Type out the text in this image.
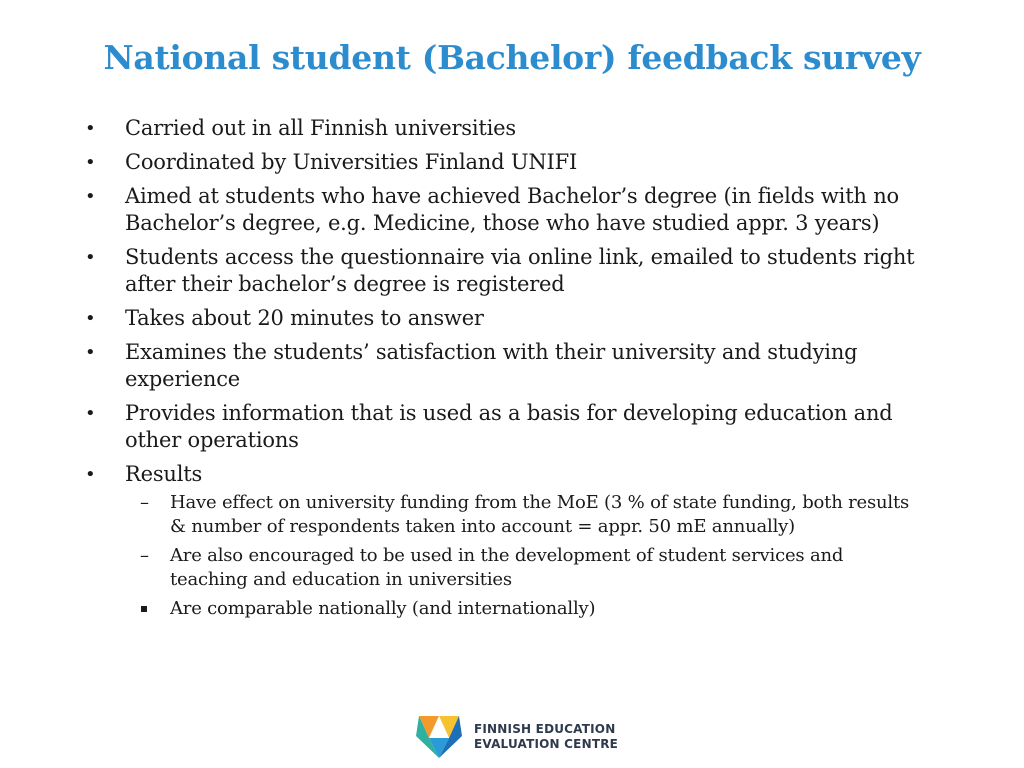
National student (Bachelor) feedback survey
• Carried out in all Finnish universities
• Coordinated by Universities Finland UNIFI
• Aimed at students who have achieved Bachelor’s degree (in fields with no Bachelor’s degree, e.g. Medicine, those who have studied appr. 3 years)
• Students access the questionnaire via online link, emailed to students right after their bachelor’s degree is registered
• Takes about 20 minutes to answer
• Examines the students’ satisfaction with their university and studying experience
• Provides information that is used as a basis for developing education and other operations
• Results
– Have effect on university funding from the MoE (3 % of state funding, both results & number of respondents taken into account = appr. 50 mE annually)
– Are also encouraged to be used in the development of student services and teaching and education in universities
Are comparable nationally (and internationally)
FINNISH EDUCATION
EVALUATION CENTRE
